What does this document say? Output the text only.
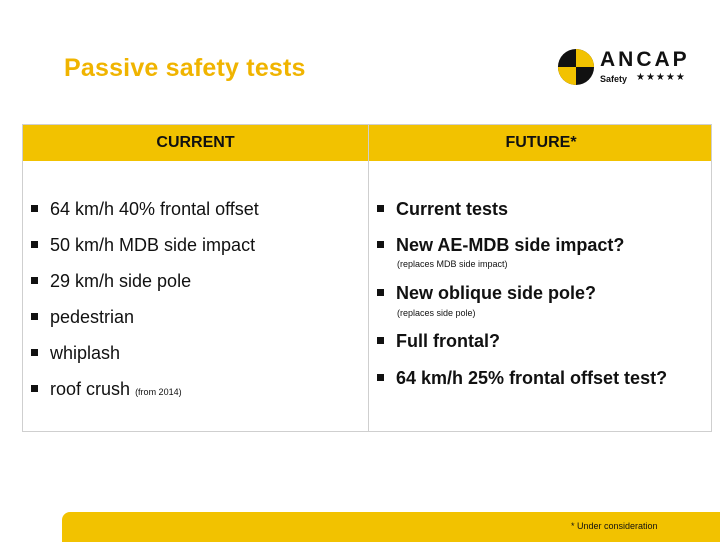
Passive safety tests	ANCAP
Safety ★★★★★
CURRENT	FUTURE*
64 km/h 40% frontal offset
50 km/h MDB side impact
29 km/h side pole
pedestrian
whiplash
roof crush (from 2014)
Current tests
New AE-MDB side impact?
(replaces MDB side impact)
New oblique side pole?
(replaces side pole)
Full frontal?
64 km/h 25% frontal offset test?
* Under consideration
